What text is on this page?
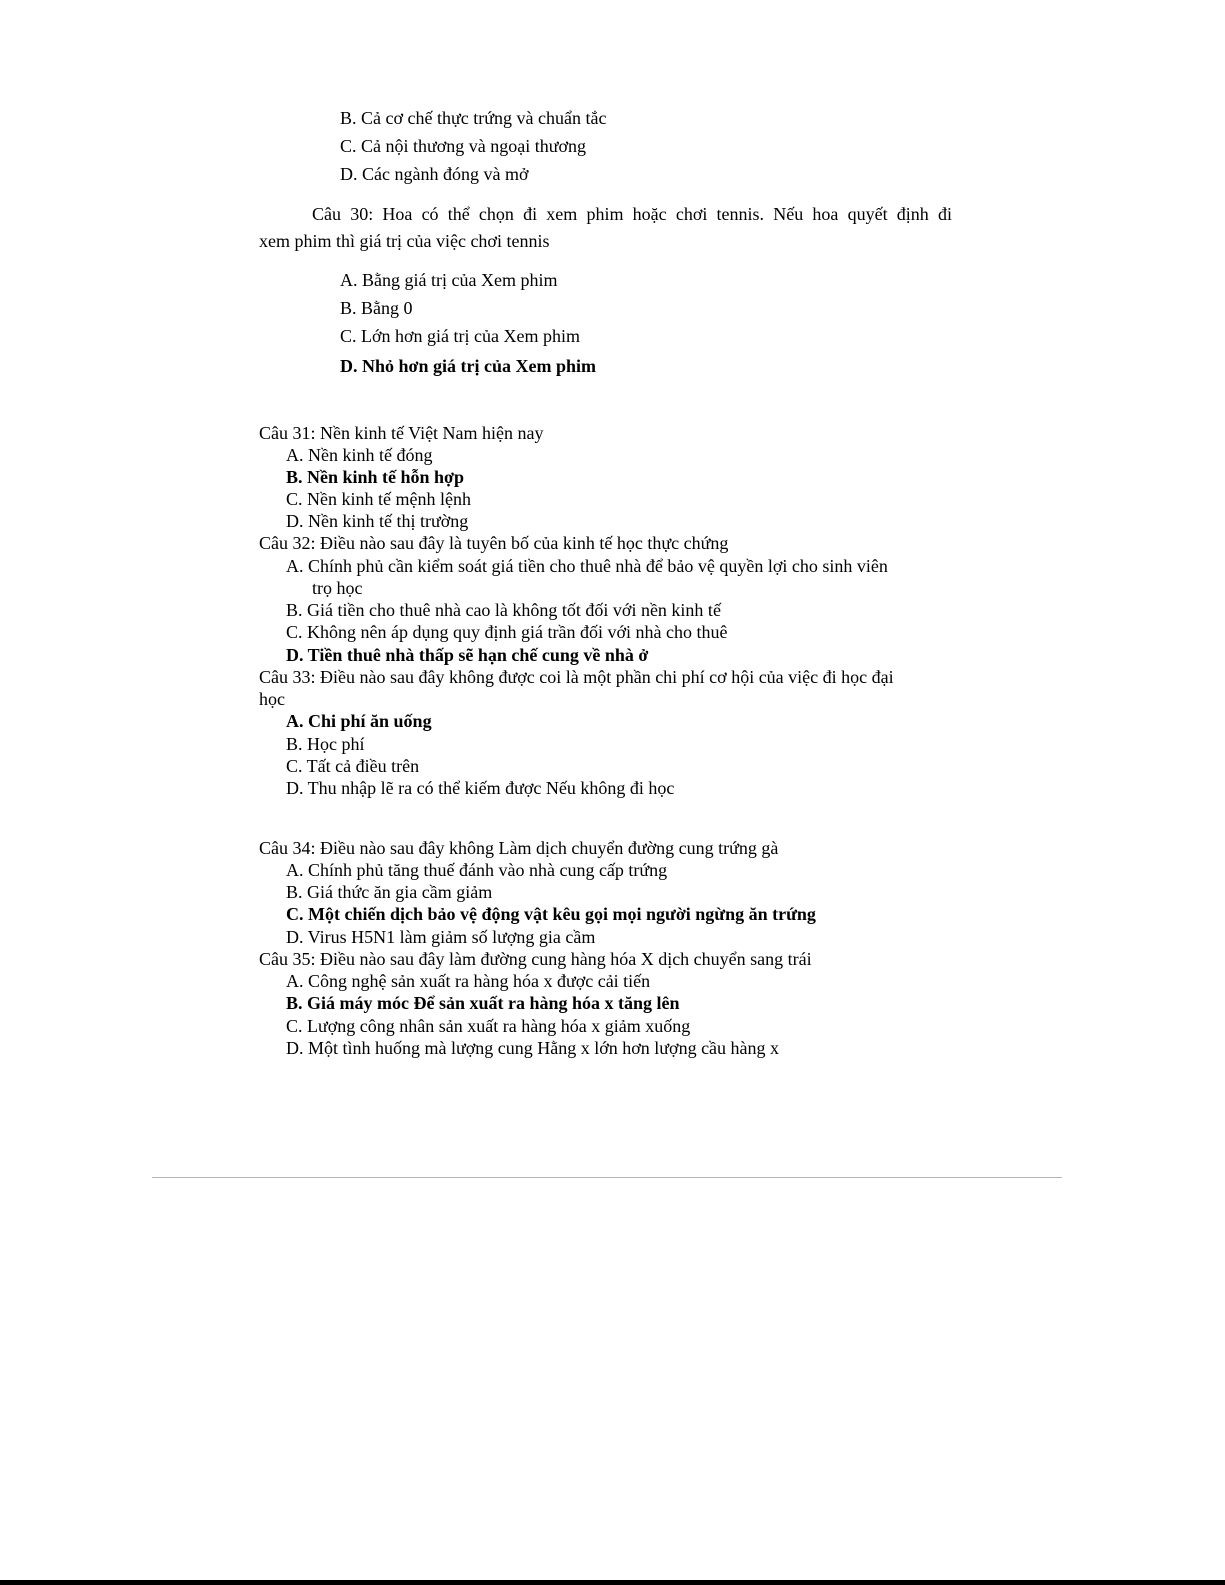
B. Cả cơ chế thực trứng và chuẩn tắc
C. Cả nội thương và ngoại thương
D. Các ngành đóng và mở
Câu 30: Hoa có thể chọn đi xem phim hoặc chơi tennis. Nếu hoa quyết định đi
xem phim thì giá trị của việc chơi tennis
A. Bằng giá trị của Xem phim
B. Bằng 0
C. Lớn hơn giá trị của Xem phim
D. Nhỏ hơn giá trị của Xem phim
Câu 31: Nền kinh tế Việt Nam hiện nay
A. Nền kinh tế đóng
B. Nền kinh tế hỗn hợp
C. Nền kinh tế mệnh lệnh
D. Nền kinh tế thị trường
Câu 32: Điều nào sau đây là tuyên bố của kinh tế học thực chứng
A. Chính phủ cần kiểm soát giá tiền cho thuê nhà để bảo vệ quyền lợi cho sinh viên
trọ học
B. Giá tiền cho thuê nhà cao là không tốt đối với nền kinh tế
C. Không nên áp dụng quy định giá trần đối với nhà cho thuê
D. Tiền thuê nhà thấp sẽ hạn chế cung về nhà ở
Câu 33: Điều nào sau đây không được coi là một phần chi phí cơ hội của việc đi học đại
học
A. Chi phí ăn uống
B. Học phí
C. Tất cả điều trên
D. Thu nhập lẽ ra có thể kiếm được Nếu không đi học
Câu 34: Điều nào sau đây không Làm dịch chuyển đường cung trứng gà
A. Chính phủ tăng thuế đánh vào nhà cung cấp trứng
B. Giá thức ăn gia cầm giảm
C. Một chiến dịch bảo vệ động vật kêu gọi mọi người ngừng ăn trứng
D. Virus H5N1 làm giảm số lượng gia cầm
Câu 35: Điều nào sau đây làm đường cung hàng hóa X dịch chuyển sang trái
A. Công nghệ sản xuất ra hàng hóa x được cải tiến
B. Giá máy móc Để sản xuất ra hàng hóa x tăng lên
C. Lượng công nhân sản xuất ra hàng hóa x giảm xuống
D. Một tình huống mà lượng cung Hằng x lớn hơn lượng cầu hàng x
